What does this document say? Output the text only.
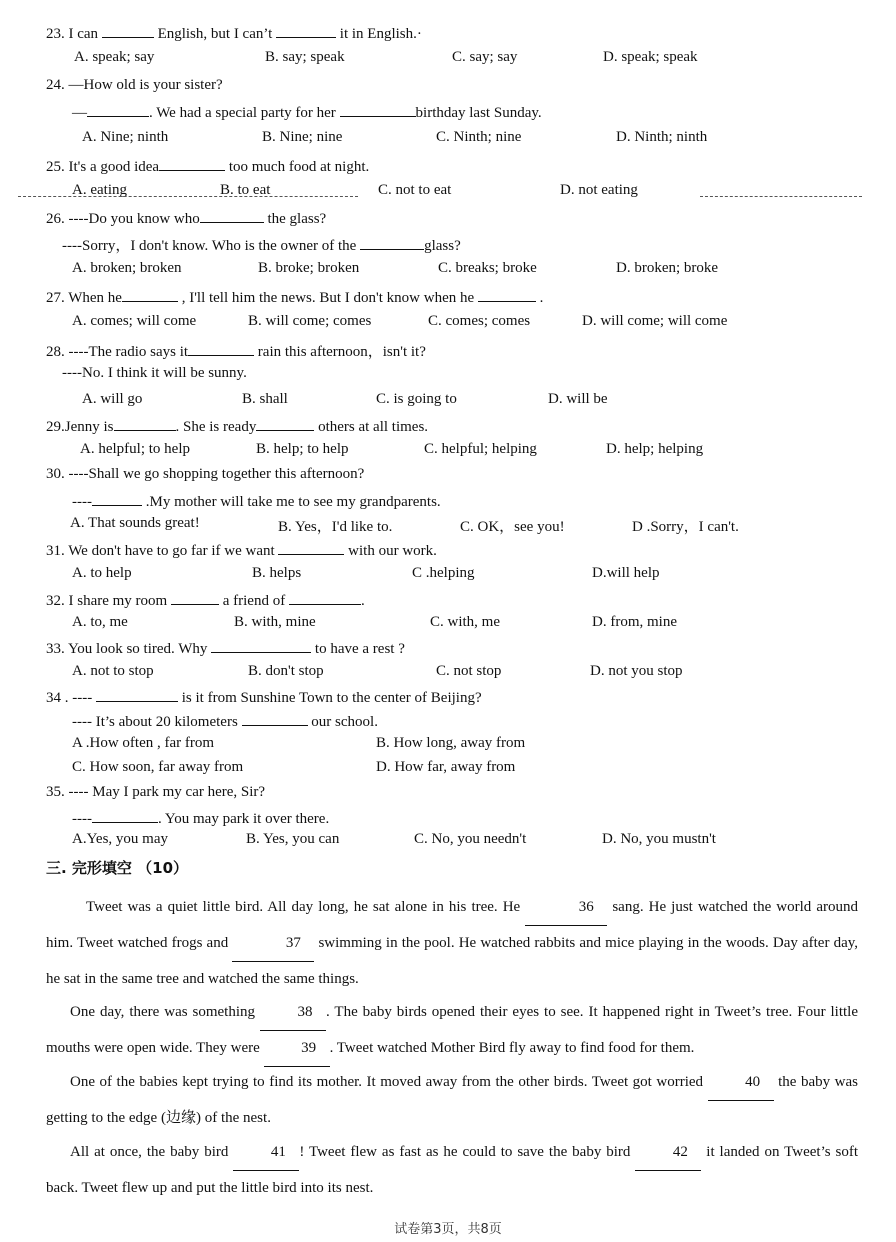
23. I can	English, but I can’t	it in English.·
A. speak; say	B. say; speak	C. say; say	D. speak; speak
24. —How old is your sister?
—	. We had a special party for her	birthday last Sunday.
A. Nine; ninth	B. Nine; nine	C. Ninth; nine	D. Ninth; ninth
25. It's a good idea	too much food at night.
A. eating	B. to eat	C. not to eat	D. not eating
26. ----Do you know who	the glass?
----Sorry，I don't know. Who is the owner of the	glass?
A. broken; broken	B. broke; broken	C. breaks; broke	D. broken; broke
27. When he	, I'll tell him the news. But I don't know when he	.
A. comes; will come	B. will come; comes	C. comes; comes	D. will come; will come
28. ----The radio says it	rain this afternoon，isn't it?
----No. I think it will be sunny.
A. will go	B. shall	C. is going to	D. will be
29.Jenny is	. She is ready	others at all times.
A. helpful; to help	B. help; to help	C. helpful; helping	D. help; helping
30. ----Shall we go shopping together this afternoon?
----	.My mother will take me to see my grandparents.
A. That sounds great!	B. Yes，I'd like to.	C. OK，see you!	D .Sorry，I can't.
31. We don't have to go far if we want	with our work.
A. to help	B. helps	C .helping	D.will help
32. I share my room	a friend of	.
A. to, me	B. with, mine	C. with, me	D. from, mine
33. You look so tired. Why	to have a rest ?
A. not to stop	B. don't stop	C. not stop	D. not you stop
34 . ----	is it from Sunshine Town to the center of Beijing?
---- It’s about 20 kilometers	our school.
A .How often , far from	B. How long, away from
C. How soon, far away from	D. How far, away from
35. ---- May I park my car here, Sir?
----	. You may park it over there.
A.Yes, you may	B. Yes, you can	C. No, you needn't	D. No, you mustn't
Tweet was a quiet little bird. All day long, he sat alone in his tree. He	 36  sang. He just watched the world around him. Tweet watched frogs and	 37  swimming in the pool. He watched rabbits and mice playing in the woods. Day after day, he sat in the same tree and watched the same things.
One day, there was something  38 . The baby birds opened their eyes to see. It happened right in Tweet’s tree. Four little mouths were open wide. They were  39 . Tweet watched Mother Bird fly away to find food for them.
One of the babies kept trying to find its mother. It moved away from the other birds. Tweet got worried  40  the baby was getting to the edge (边缘) of the nest.
All at once, the baby bird  41 ! Tweet flew as fast as he could to save the baby bird  42  it landed on Tweet’s soft back. Tweet flew up and put the little bird into its nest.
三. 完形填空 （10）
试卷第3页，共8页
